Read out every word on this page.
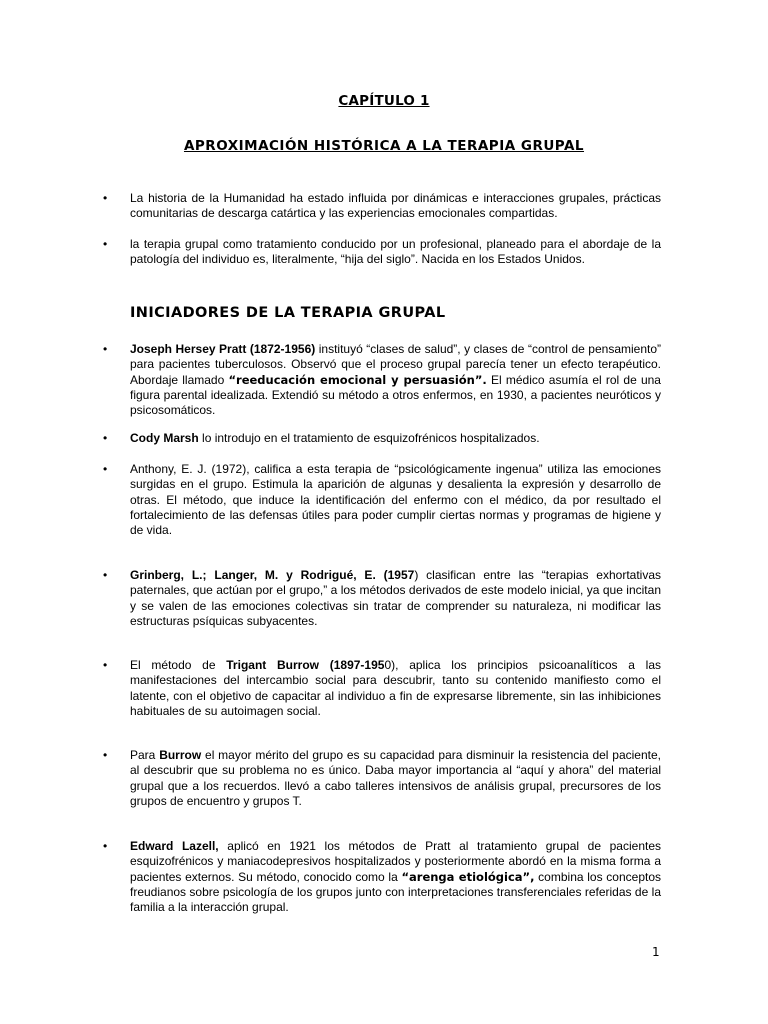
CAPÍTULO 1
APROXIMACIÓN HISTÓRICA A LA TERAPIA GRUPAL
• La historia de la Humanidad ha estado influida por dinámicas e interacciones grupales, prácticas comunitarias de descarga catártica y las experiencias emocionales compartidas.
• la terapia grupal como tratamiento conducido por un profesional, planeado para el abordaje de la patología del individuo es, literalmente, “hija del siglo”. Nacida en los Estados Unidos.
INICIADORES DE LA TERAPIA GRUPAL
• Joseph Hersey Pratt (1872-1956) instituyó “clases de salud”, y clases de “control de pensamiento” para pacientes tuberculosos. Observó que el proceso grupal parecía tener un efecto terapéutico. Abordaje llamado “reeducación emocional y persuasión”. El médico asumía el rol de una figura parental idealizada. Extendió su método a otros enfermos, en 1930, a pacientes neuróticos y psicosomáticos.
• Cody Marsh lo introdujo en el tratamiento de esquizofrénicos hospitalizados.
• Anthony, E. J. (1972), califica a esta terapia de “psicológicamente ingenua” utiliza las emociones surgidas en el grupo. Estimula la aparición de algunas y desalienta la expresión y desarrollo de otras. El método, que induce la identificación del enfermo con el médico, da por resultado el fortalecimiento de las defensas útiles para poder cumplir ciertas normas y programas de higiene y de vida.
• Grinberg, L.; Langer, M. y Rodrigué, E. (1957) clasifican entre las “terapias exhortativas paternales, que actúan por el grupo,” a los métodos derivados de este modelo inicial, ya que incitan y se valen de las emociones colectivas sin tratar de comprender su naturaleza, ni modificar las estructuras psíquicas subyacentes.
• El método de Trigant Burrow (1897-1950), aplica los principios psicoanalíticos a las manifestaciones del intercambio social para descubrir, tanto su contenido manifiesto como el latente, con el objetivo de capacitar al individuo a fin de expresarse libremente, sin las inhibiciones habituales de su autoimagen social.
• Para Burrow el mayor mérito del grupo es su capacidad para disminuir la resistencia del paciente, al descubrir que su problema no es único. Daba mayor importancia al “aquí y ahora” del material grupal que a los recuerdos. llevó a cabo talleres intensivos de análisis grupal, precursores de los grupos de encuentro y grupos T.
• Edward Lazell, aplicó en 1921 los métodos de Pratt al tratamiento grupal de pacientes esquizofrénicos y maniacodepresivos hospitalizados y posteriormente abordó en la misma forma a pacientes externos. Su método, conocido como la “arenga etiológica”, combina los conceptos freudianos sobre psicología de los grupos junto con interpretaciones transferenciales referidas de la familia a la interacción grupal.
1
